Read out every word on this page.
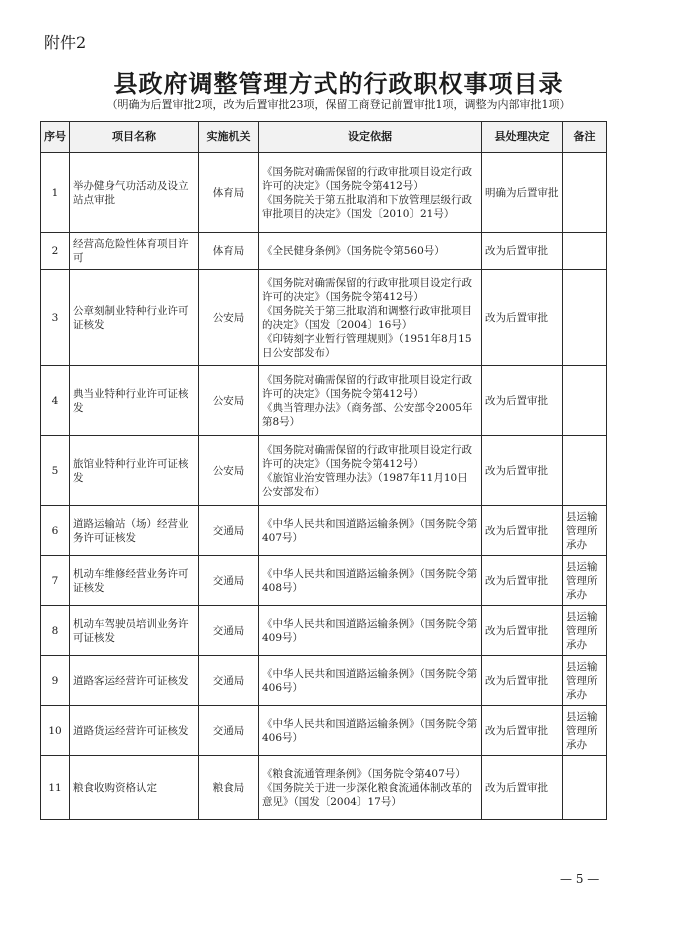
附件2
县政府调整管理方式的行政职权事项目录
（明确为后置审批2项，改为后置审批23项，保留工商登记前置审批1项，调整为内部审批1项）
序号	项目名称	实施机关	设定依据	县处理决定	备注
1	举办健身气功活动及设立站点审批	体育局	《国务院对确需保留的行政审批项目设定行政许可的决定》（国务院令第412号）
《国务院关于第五批取消和下放管理层级行政审批项目的决定》（国发〔2010〕21号）	明确为后置审批	
2	经营高危险性体育项目许可	体育局	《全民健身条例》（国务院令第560号）	改为后置审批	
3	公章刻制业特种行业许可证核发	公安局	《国务院对确需保留的行政审批项目设定行政许可的决定》（国务院令第412号）
《国务院关于第三批取消和调整行政审批项目的决定》（国发〔2004〕16号）
《印铸刻字业暂行管理规则》（1951年8月15日公安部发布）	改为后置审批	
4	典当业特种行业许可证核发	公安局	《国务院对确需保留的行政审批项目设定行政许可的决定》（国务院令第412号）
《典当管理办法》（商务部、公安部令2005年第8号）	改为后置审批	
5	旅馆业特种行业许可证核发	公安局	《国务院对确需保留的行政审批项目设定行政许可的决定》（国务院令第412号）
《旅馆业治安管理办法》（1987年11月10日公安部发布）	改为后置审批	
6	道路运输站（场）经营业务许可证核发	交通局	《中华人民共和国道路运输条例》（国务院令第407号）	改为后置审批	县运输管理所承办
7	机动车维修经营业务许可证核发	交通局	《中华人民共和国道路运输条例》（国务院令第408号）	改为后置审批	县运输管理所承办
8	机动车驾驶员培训业务许可证核发	交通局	《中华人民共和国道路运输条例》（国务院令第409号）	改为后置审批	县运输管理所承办
9	道路客运经营许可证核发	交通局	《中华人民共和国道路运输条例》（国务院令第406号）	改为后置审批	县运输管理所承办
10	道路货运经营许可证核发	交通局	《中华人民共和国道路运输条例》（国务院令第406号）	改为后置审批	县运输管理所承办
11	粮食收购资格认定	粮食局	《粮食流通管理条例》（国务院令第407号）
《国务院关于进一步深化粮食流通体制改革的意见》（国发〔2004〕17号）	改为后置审批	
— 5 —
